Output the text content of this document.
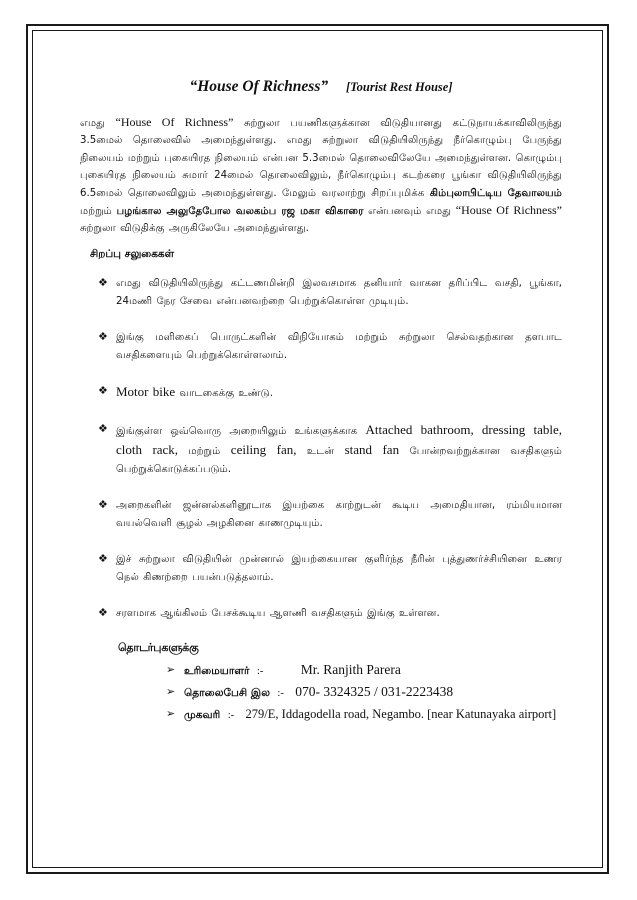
“House Of Richness” [Tourist Rest House]
எமது “House Of Richness” சுற்றுலா பயணிகளுக்கான விடுதியானது கட்டுநாயக்காவிலிருந்து 3.5மைல் தொலைவில் அமைந்துள்ளது. எமது சுற்றுலா விடுதியிலிருந்து நீர்கொழும்பு பேருந்து நிலையம் மற்றும் புகையிரத நிலையம் என்பன 5.3மைல் தொலைவிலேயே அமைந்துள்ளன. கொழும்பு புகையிரத நிலையம் சுமார் 24மைல் தொலைவிலும், நீர்கொழும்பு கடற்கரை பூங்கா விடுதியிலிருந்து 6.5மைல் தொலைவிலும் அமைந்துள்ளது. மேலும் வரலாற்று சிறப்புமிக்க கிம்புலாபிட்டிய தேவாலயம் மற்றும் பழங்கால அலுதேபோல வலகம்ப ரஜ மகா விகாரை என்பனவும் எமது “House Of Richness” சுற்றுலா விடுதிக்கு அருகிலேயே அமைந்துள்ளது.
சிறப்பு சலுகைகள்
❖ எமது விடுதியிலிருந்து கட்டணமின்றி இலவசமாக தனியார் வாகன தரிப்பிட வசதி, பூங்கா, 24மணி நேர சேவை என்பனவற்றை பெற்றுக்கொள்ள முடியும்.
❖ இங்கு மளிகைப் பொருட்களின் விநியோகம் மற்றும் சுற்றுலா செல்வதற்கான தளபாட வசதிகளையும் பெற்றுக்கொள்ளலாம்.
❖ Motor bike வாடகைக்கு உண்டு.
❖ இங்குள்ள ஒவ்வொரு அறையிலும் உங்களுக்காக Attached bathroom, dressing table, cloth rack, மற்றும் ceiling fan, உடன் stand fan போன்றவற்றுக்கான வசதிகளும் பெற்றுக்கொடுக்கப்படும்.
❖ அறைகளின் ஜன்னல்களினூடாக இயற்கை காற்றுடன் கூடிய அமைதியான, ரம்மியமான வயல்வெளி சூழல் அழகினை காணமுடியும்.
❖ இச் சுற்றுலா விடுதியின் முன்னால் இயற்கையான குளிர்ந்த நீரின் புத்துணர்ச்சியினை உணர நெல் கிணற்றை பயன்படுத்தலாம்.
❖ சரளமாக ஆங்கிலம் பேசக்கூடிய ஆளணி வசதிகளும் இங்கு உள்ளன.
தொடர்புகளுக்கு
➢ உரிமையாளர் :-	Mr. Ranjith Parera
➢ தொலைபேசி இல :- 070- 3324325 / 031-2223438
➢ முகவரி :- 279/E, Iddagodella road, Negambo. [near Katunayaka airport]
